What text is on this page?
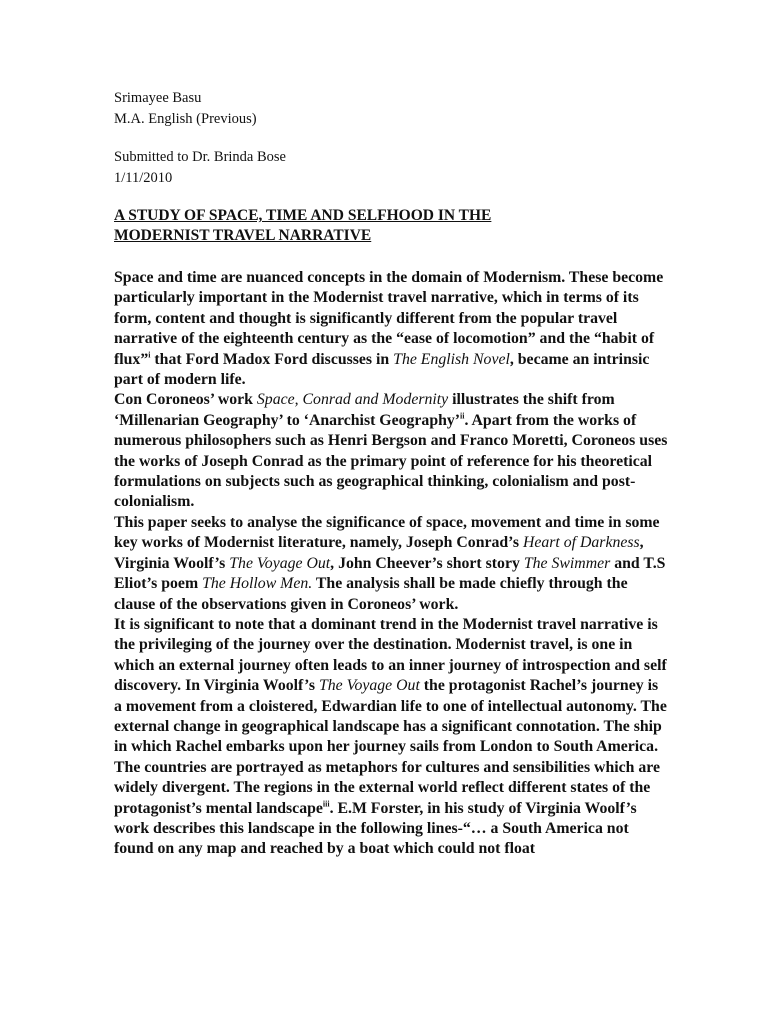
Srimayee Basu
M.A. English (Previous)
Submitted to Dr. Brinda Bose
1/11/2010
A STUDY OF SPACE, TIME AND SELFHOOD IN THE
MODERNIST TRAVEL NARRATIVE

Space and time are nuanced concepts in the domain of Modernism. These become particularly important in the Modernist travel narrative, which in terms of its form, content and thought is significantly different from the popular travel narrative of the eighteenth century as the “ease of locomotion” and the “habit of flux”$^i$ that Ford Madox Ford discusses in The English Novel, became an intrinsic part of modern life.

Con Coroneos’ work Space, Conrad and Modernity illustrates the shift from ‘Millenarian Geography’ to ‘Anarchist Geography’$^{ii}$. Apart from the works of numerous philosophers such as Henri Bergson and Franco Moretti, Coroneos uses the works of Joseph Conrad as the primary point of reference for his theoretical formulations on subjects such as geographical thinking, colonialism and post-colonialism.

This paper seeks to analyse the significance of space, movement and time in some key works of Modernist literature, namely, Joseph Conrad’s Heart of Darkness, Virginia Woolf’s The Voyage Out, John Cheever’s short story The Swimmer and T.S Eliot’s poem The Hollow Men. The analysis shall be made chiefly through the clause of the observations given in Coroneos’ work.

It is significant to note that a dominant trend in the Modernist travel narrative is the privileging of the journey over the destination. Modernist travel, is one in which an external journey often leads to an inner journey of introspection and self discovery. In Virginia Woolf’s The Voyage Out the protagonist Rachel’s journey is a movement from a cloistered, Edwardian life to one of intellectual autonomy. The external change in geographical landscape has a significant connotation. The ship in which Rachel embarks upon her journey sails from London to South America. The countries are portrayed as metaphors for cultures and sensibilities which are widely divergent. The regions in the external world reflect different states of the protagonist’s mental landscape$^{iii}$. E.M Forster, in his study of Virginia Woolf’s work describes this landscape in the following lines-“… a South America not found on any map and reached by a boat which could not float
